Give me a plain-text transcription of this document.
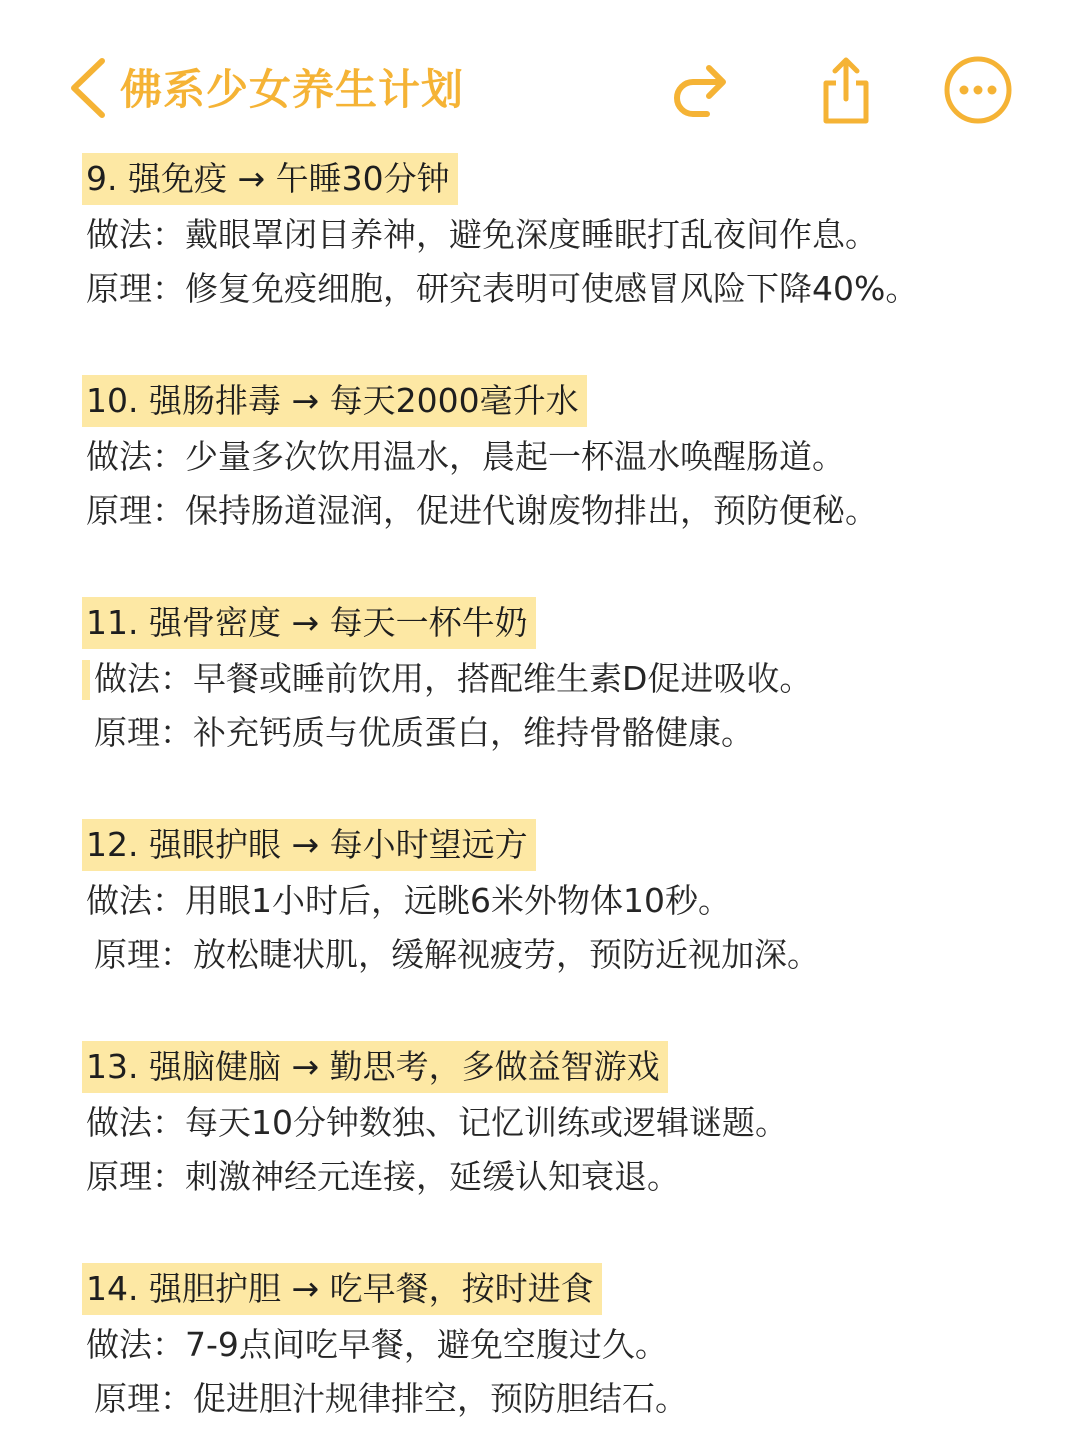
佛系少女养生计划
9. 强免疫 → 午睡30分钟
做法：戴眼罩闭目养神，避免深度睡眠打乱夜间作息。
原理：修复免疫细胞，研究表明可使感冒风险下降40%。
10. 强肠排毒 → 每天2000毫升水
做法：少量多次饮用温水，晨起一杯温水唤醒肠道。
原理：保持肠道湿润，促进代谢废物排出，预防便秘。
11. 强骨密度 → 每天一杯牛奶
做法：早餐或睡前饮用，搭配维生素D促进吸收。
原理：补充钙质与优质蛋白，维持骨骼健康。
12. 强眼护眼 → 每小时望远方
做法：用眼1小时后，远眺6米外物体10秒。
原理：放松睫状肌，缓解视疲劳，预防近视加深。
13. 强脑健脑 → 勤思考，多做益智游戏
做法：每天10分钟数独、记忆训练或逻辑谜题。
原理：刺激神经元连接，延缓认知衰退。
14. 强胆护胆 → 吃早餐，按时进食
做法：7-9点间吃早餐，避免空腹过久。
原理：促进胆汁规律排空，预防胆结石。
